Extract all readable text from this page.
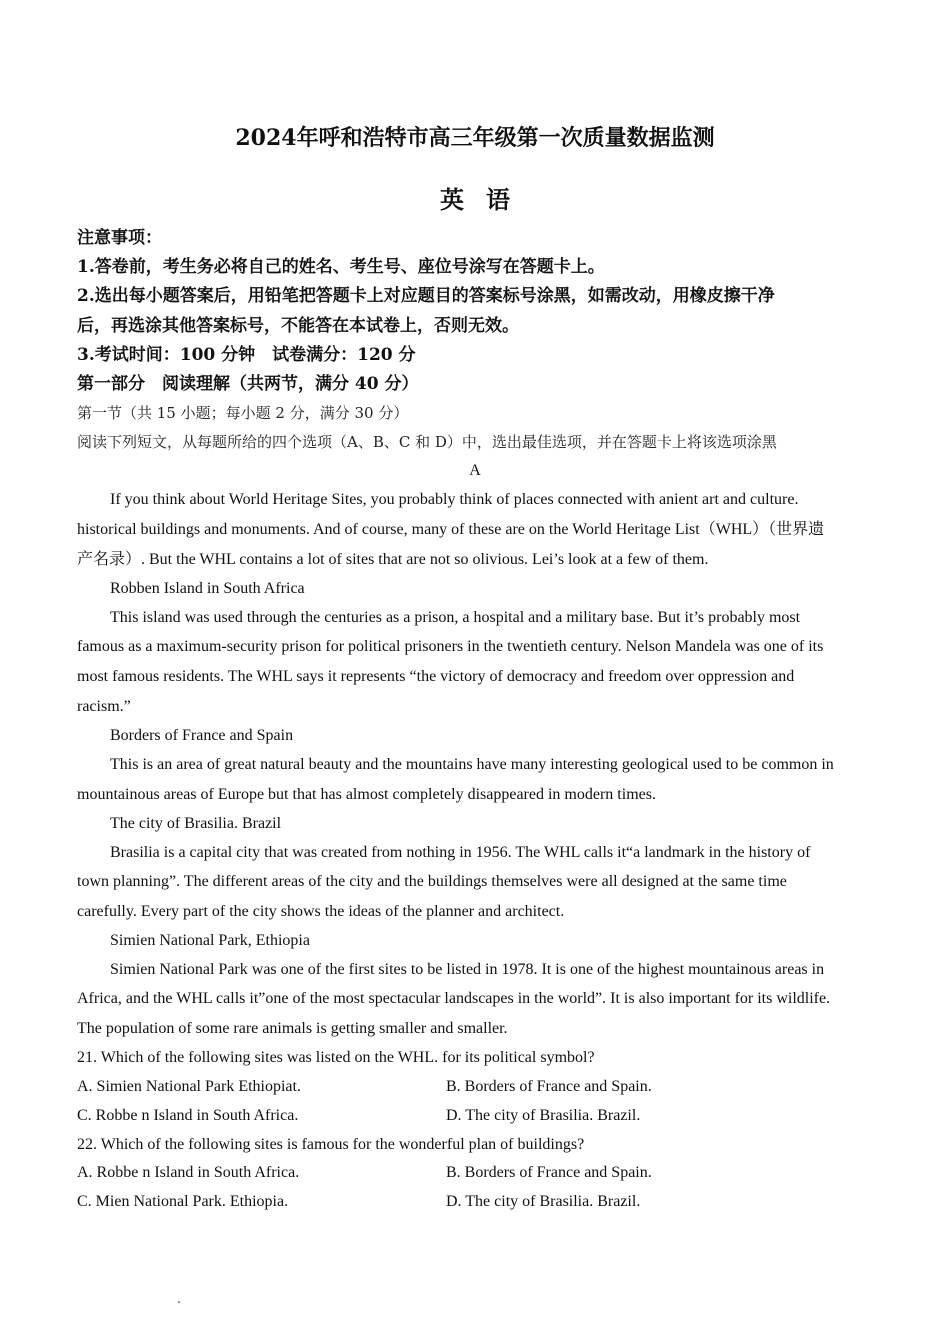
2024年呼和浩特市高三年级第一次质量数据监测
英语
注意事项：
1.答卷前，考生务必将自己的姓名、考生号、座位号涂写在答题卡上。
2.选出每小题答案后，用铅笔把答题卡上对应题目的答案标号涂黑，如需改动，用橡皮擦干净
后，再选涂其他答案标号，不能答在本试卷上，否则无效。
3.考试时间：100 分钟　试卷满分：120 分
第一部分　阅读理解（共两节，满分 40 分）
第一节（共 15 小题；每小题 2 分，满分 30 分）
阅读下列短文，从每题所给的四个选项（A、B、C 和 D）中，选出最佳选项，并在答题卡上将该选项涂黑
A
If you think about World Heritage Sites, you probably think of places connected with anient art and culture.
historical buildings and monuments. And of course, many of these are on the World Heritage List（WHL）（世界遗
产名录）. But the WHL contains a lot of sites that are not so olivious. Lei’s look at a few of them.
Robben Island in South Africa
This island was used through the centuries as a prison, a hospital and a military base. But it’s probably most
famous as a maximum-security prison for political prisoners in the twentieth century. Nelson Mandela was one of its
most famous residents. The WHL says it represents “the victory of democracy and freedom over oppression and
racism.”
Borders of France and Spain
This is an area of great natural beauty and the mountains have many interesting geological used to be common in
mountainous areas of Europe but that has almost completely disappeared in modern times.
The city of Brasilia. Brazil
Brasilia is a capital city that was created from nothing in 1956. The WHL calls it“a landmark in the history of
town planning”. The different areas of the city and the buildings themselves were all designed at the same time
carefully. Every part of the city shows the ideas of the planner and architect.
Simien National Park, Ethiopia
Simien National Park was one of the first sites to be listed in 1978. It is one of the highest mountainous areas in
Africa, and the WHL calls it”one of the most spectacular landscapes in the world”. It is also important for its wildlife.
The population of some rare animals is getting smaller and smaller.
21. Which of the following sites was listed on the WHL. for its political symbol?
A. Simien National Park Ethiopiat.	B. Borders of France and Spain.
C. Robbe n Island in South Africa.	D. The city of Brasilia. Brazil.
22. Which of the following sites is famous for the wonderful plan of buildings?
A. Robbe n Island in South Africa.	B. Borders of France and Spain.
C. Mien National Park. Ethiopia.	D. The city of Brasilia. Brazil.
